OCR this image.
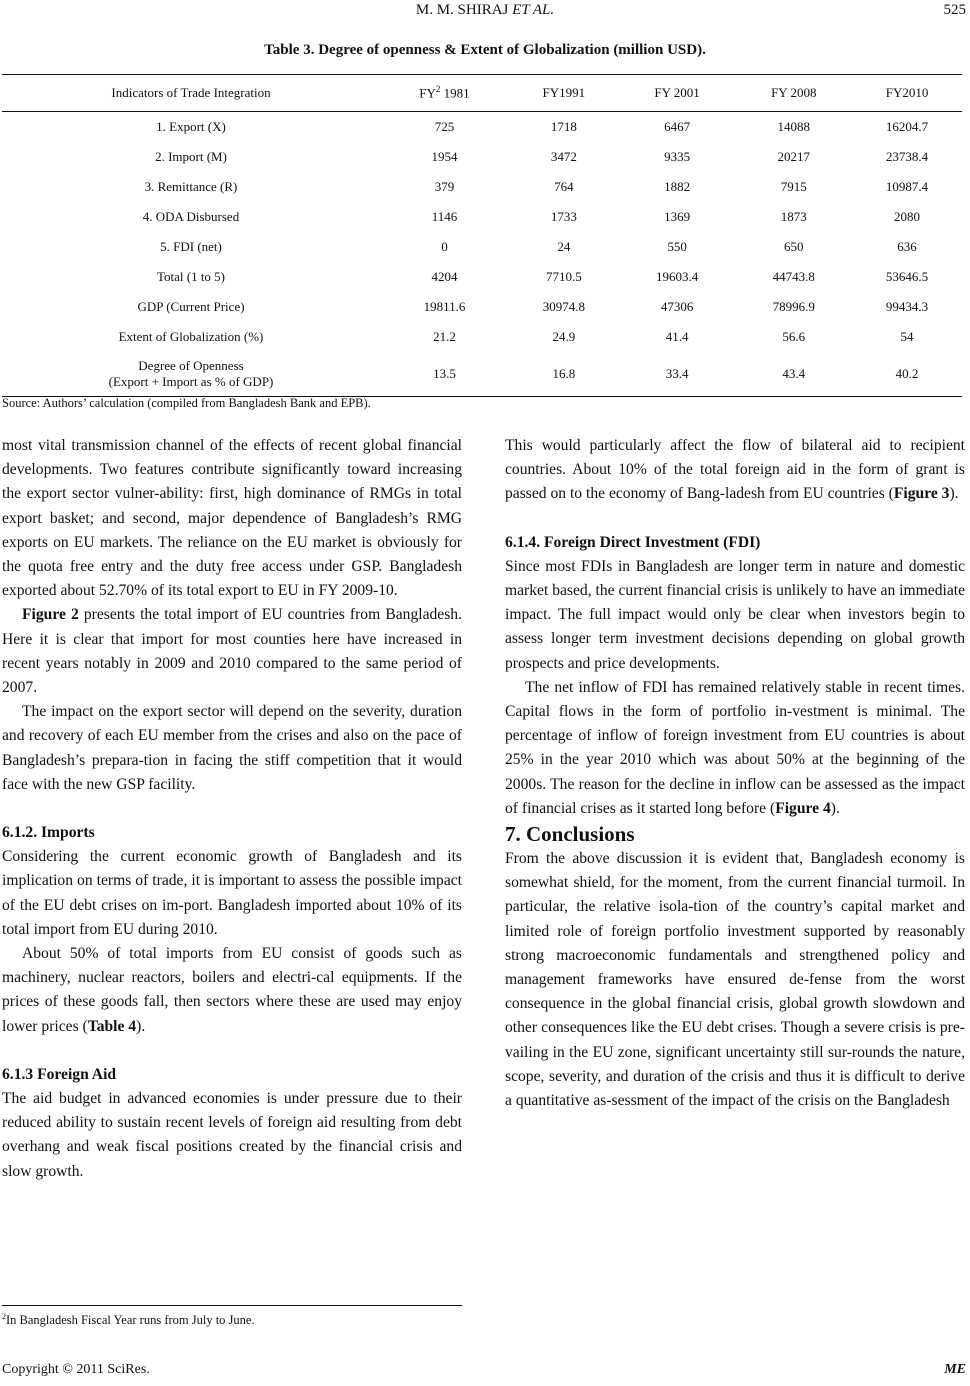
M. M. SHIRAJ ET AL.	525
Table 3. Degree of openness & Extent of Globalization (million USD).
Indicators of Trade Integration	$FY^2$ 1981	FY1991	FY 2001	FY 2008	FY2010
1. Export (X)	725	1718	6467	14088	16204.7
2. Import (M)	1954	3472	9335	20217	23738.4
3. Remittance (R)	379	764	1882	7915	10987.4
4. ODA Disbursed	1146	1733	1369	1873	2080
5. FDI (net)	0	24	550	650	636
Total (1 to 5)	4204	7710.5	19603.4	44743.8	53646.5
GDP (Current Price)	19811.6	30974.8	47306	78996.9	99434.3
Extent of Globalization (%)	21.2	24.9	41.4	56.6	54
Degree of Openness
(Export + Import as % of GDP)	13.5	16.8	33.4	43.4	40.2
Source: Authors’ calculation (compiled from Bangladesh Bank and EPB).

most vital transmission channel of the effects of recent global financial developments. Two features contribute significantly toward increasing the export sector vulner-ability: first, high dominance of RMGs in total export basket; and second, major dependence of Bangladesh’s RMG exports on EU markets. The reliance on the EU market is obviously for the quota free entry and the duty free access under GSP. Bangladesh exported about 52.70% of its total export to EU in FY 2009-10.

Figure 2 presents the total import of EU countries from Bangladesh. Here it is clear that import for most counties here have increased in recent years notably in 2009 and 2010 compared to the same period of 2007.

The impact on the export sector will depend on the severity, duration and recovery of each EU member from the crises and also on the pace of Bangladesh’s prepara-tion in facing the stiff competition that it would face with the new GSP facility.

6.1.2. Imports

Considering the current economic growth of Bangladesh and its implication on terms of trade, it is important to assess the possible impact of the EU debt crises on im-port. Bangladesh imported about 10% of its total import from EU during 2010.

About 50% of total imports from EU consist of goods such as machinery, nuclear reactors, boilers and electri-cal equipments. If the prices of these goods fall, then sectors where these are used may enjoy lower prices (Table 4).

6.1.3 Foreign Aid

The aid budget in advanced economies is under pressure due to their reduced ability to sustain recent levels of foreign aid resulting from debt overhang and weak fiscal positions created by the financial crisis and slow growth.

This would particularly affect the flow of bilateral aid to recipient countries. About 10% of the total foreign aid in the form of grant is passed on to the economy of Bang-ladesh from EU countries (Figure 3).

6.1.4. Foreign Direct Investment (FDI)

Since most FDIs in Bangladesh are longer term in nature and domestic market based, the current financial crisis is unlikely to have an immediate impact. The full impact would only be clear when investors begin to assess longer term investment decisions depending on global growth prospects and price developments.

The net inflow of FDI has remained relatively stable in recent times. Capital flows in the form of portfolio in-vestment is minimal. The percentage of inflow of foreign investment from EU countries is about 25% in the year 2010 which was about 50% at the beginning of the 2000s. The reason for the decline in inflow can be assessed as the impact of financial crises as it started long before (Figure 4).

7. Conclusions

From the above discussion it is evident that, Bangladesh economy is somewhat shield, for the moment, from the current financial turmoil. In particular, the relative isola-tion of the country’s capital market and limited role of foreign portfolio investment supported by reasonably strong macroeconomic fundamentals and strengthened policy and management frameworks have ensured de-fense from the worst consequence in the global financial crisis, global growth slowdown and other consequences like the EU debt crises. Though a severe crisis is pre-vailing in the EU zone, significant uncertainty still sur-rounds the nature, scope, severity, and duration of the crisis and thus it is difficult to derive a quantitative as-sessment of the impact of the crisis on the Bangladesh

$^2$In Bangladesh Fiscal Year runs from July to June.
Copyright © 2011 SciRes.	ME
